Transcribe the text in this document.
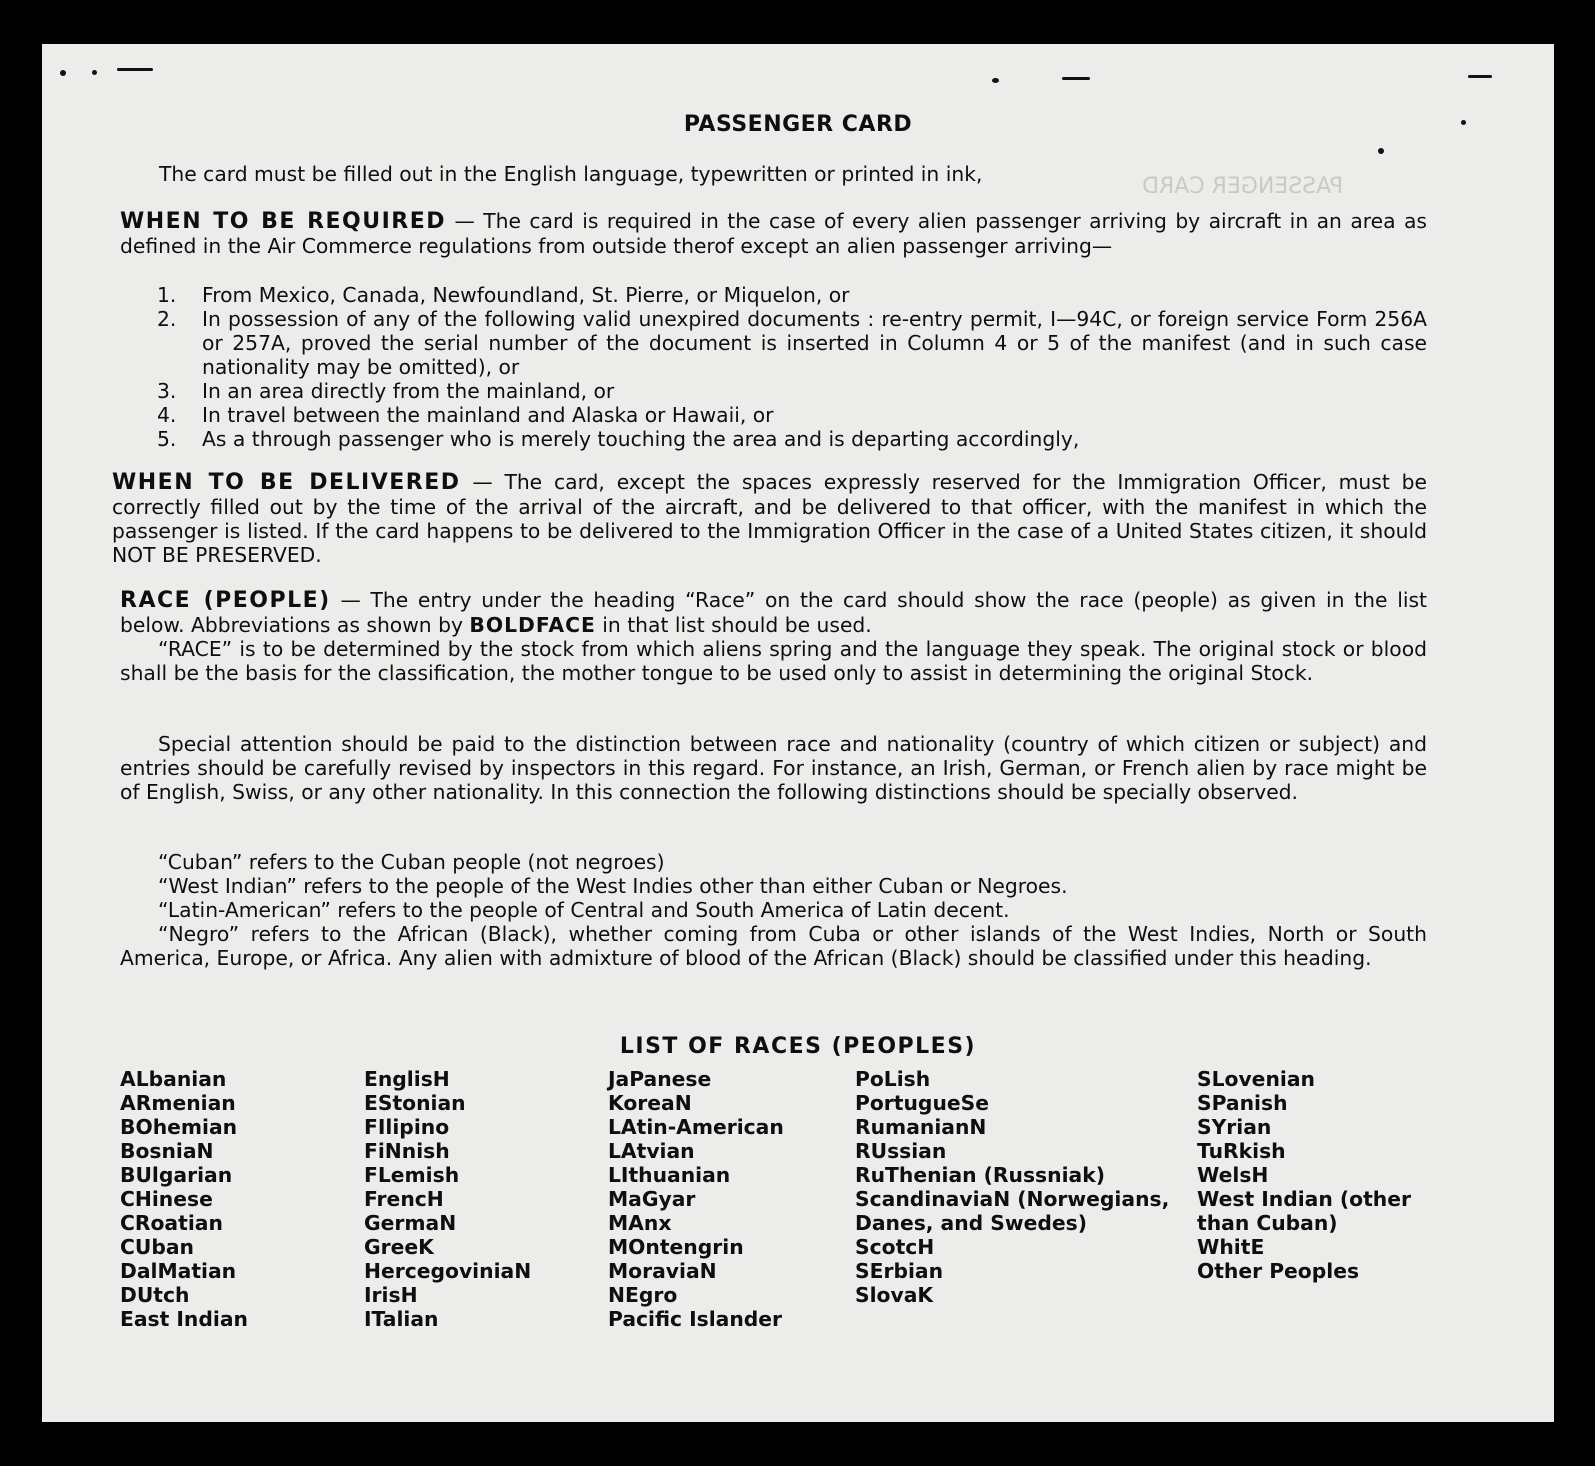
PASSENGER CARD
PASSENGER CARD
The card must be filled out in the English language, typewritten or printed in ink,
WHEN TO BE REQUIRED — The card is required in the case of every alien passenger arriving by aircraft in an area as defined in the Air Commerce regulations from outside therof except an alien passenger arriving—
1.	From Mexico, Canada, Newfoundland, St. Pierre, or Miquelon, or
2.	In possession of any of the following valid unexpired documents : re-entry permit, I—94C, or foreign service Form 256A or 257A, proved the serial number of the document is inserted in Column 4 or 5 of the manifest (and in such case nationality may be omitted), or
3.	In an area directly from the mainland, or
4.	In travel between the mainland and Alaska or Hawaii, or
5.	As a through passenger who is merely touching the area and is departing accordingly,
WHEN TO BE DELIVERED — The card, except the spaces expressly reserved for the Immigration Officer, must be correctly filled out by the time of the arrival of the aircraft, and be delivered to that officer, with the manifest in which the passenger is listed. If the card happens to be delivered to the Immigration Officer in the case of a United States citizen, it should NOT BE PRESERVED.
RACE (PEOPLE) — The entry under the heading “Race” on the card should show the race (people) as given in the list below. Abbreviations as shown by BOLDFACE in that list should be used.
“RACE” is to be determined by the stock from which aliens spring and the language they speak. The original stock or blood shall be the basis for the classification, the mother tongue to be used only to assist in determining the original Stock.
Special attention should be paid to the distinction between race and nationality (country of which citizen or subject) and entries should be carefully revised by inspectors in this regard. For instance, an Irish, German, or French alien by race might be of English, Swiss, or any other nationality. In this connection the following distinctions should be specially observed.
“Cuban” refers to the Cuban people (not negroes)
“West Indian” refers to the people of the West Indies other than either Cuban or Negroes.
“Latin-American” refers to the people of Central and South America of Latin decent.
“Negro” refers to the African (Black), whether coming from Cuba or other islands of the West Indies, North or South America, Europe, or Africa. Any alien with admixture of blood of the African (Black) should be classified under this heading.
LIST OF RACES (PEOPLES)
ALbanian
ARmenian
BOhemian
BosniaN
BUlgarian
CHinese
CRoatian
CUban
DalMatian
DUtch
East Indian
EnglisH
EStonian
FIlipino
FiNnish
FLemish
FrencH
GermaN
GreeK
HercegoviniaN
IrisH
ITalian
JaPanese
KoreaN
LAtin-American
LAtvian
LIthuanian
MaGyar
MAnx
MOntengrin
MoraviaN
NEgro
Pacific Islander
PoLish
PortugueSe
RumanianN
RUssian
RuThenian (Russniak)
ScandinaviaN (Norwegians, Danes, and Swedes)
ScotcH
SErbian
SlovaK
SLovenian
SPanish
SYrian
TuRkish
WelsH
West Indian (other than Cuban)
WhitE
Other Peoples
